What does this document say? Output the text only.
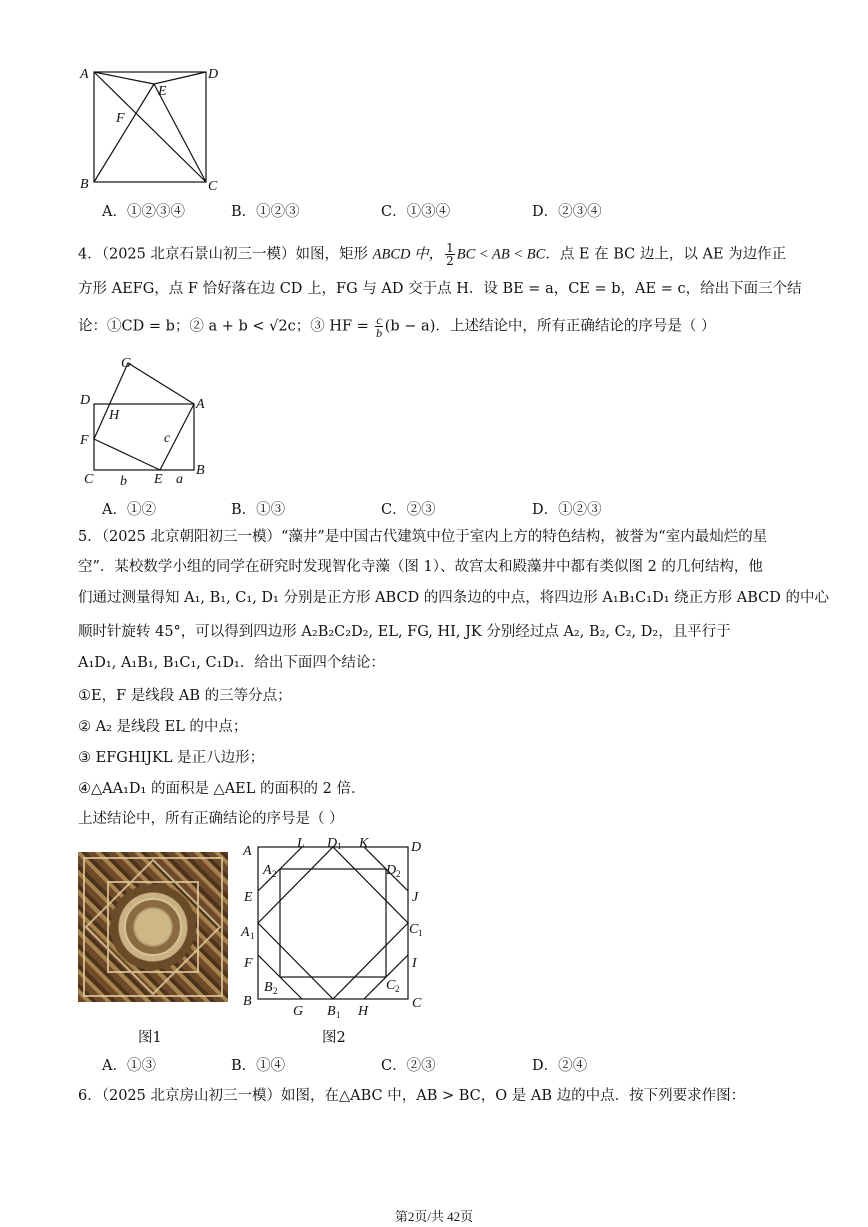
A	D
E
F
B	C
A．①②③④	B．①②③	C．①③④	D．②③④
4．（2025 北京石景山初三一模）如图，矩形 ABCD 中， $\frac{1}{2}$ BC < AB < BC．点 E 在 BC 边上，以 AE 为边作正
方形 AEFG，点 F 恰好落在边 CD 上，FG 与 AD 交于点 H．设 BE = a，CE = b，AE = c，给出下面三个结
论：①CD = b；② a + b < √2c；③ HF = $\frac{c}{b} (b - a)$．上述结论中，所有正确结论的序号是（ ）
G
D
H
A
F	c
C b E a
B
A．①②	B．①③	C．②③	D．①②③
5．（2025 北京朝阳初三一模）“藻井”是中国古代建筑中位于室内上方的特色结构，被誉为“室内最灿烂的星
空”．某校数学小组的同学在研究时发现智化寺藻（图 1）、故宫太和殿藻井中都有类似图 2 的几何结构，他
们通过测量得知 A₁, B₁, C₁, D₁ 分别是正方形 ABCD 的四条边的中点，将四边形 A₁B₁C₁D₁ 绕正方形 ABCD 的中心
顺时针旋转 45°，可以得到四边形 A₂B₂C₂D₂, EL, FG, HI, JK 分别经过点 A₂, B₂, C₂, D₂，且平行于
A₁D₁, A₁B₁, B₁C₁, C₁D₁．给出下面四个结论：
①E，F 是线段 AB 的三等分点；
② A₂ 是线段 EL 的中点；
③ EFGHIJKL 是正八边形；
④△AA₁D₁ 的面积是 △AEL 的面积的 2 倍．
上述结论中，所有正确结论的序号是（ ）
图1
A
L D 1 K	D
A 2	D 2
E	J
A 1	C 1
F	I
B 2	C 2
B	C
G B 1 H
图2
A．①③	B．①④	C．②③	D．②④
6．（2025 北京房山初三一模）如图，在△ABC 中，AB > BC，O 是 AB 边的中点．按下列要求作图：
第2页/共 42页
